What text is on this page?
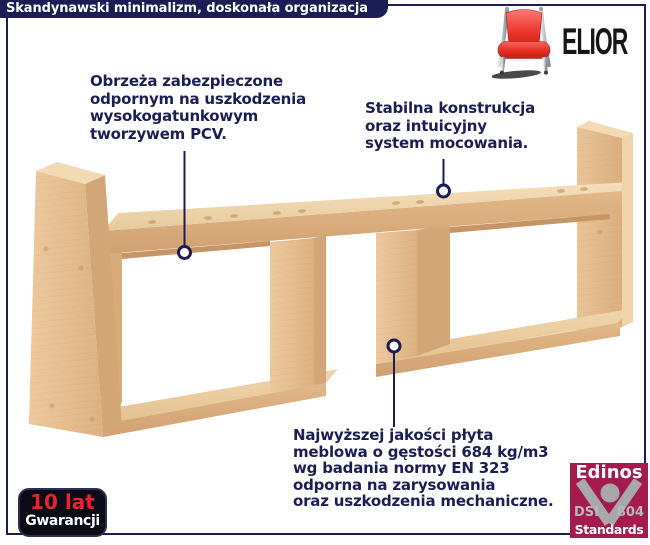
Skandynawski minimalizm, doskonała organizacja
ELIOR
Obrzeża zabezpieczone
odpornym na uszkodzenia
wysokogatunkowym
tworzywem PCV.
Stabilna konstrukcja
oraz intuicyjny
system mocowania.
Najwyższej jakości płyta
meblowa o gęstości 684 kg/m3
wg badania normy EN 323
odporna na zarysowania
oraz uszkodzenia mechaniczne.
10 lat
Gwarancji
Edinos
DSI 804
Standards
